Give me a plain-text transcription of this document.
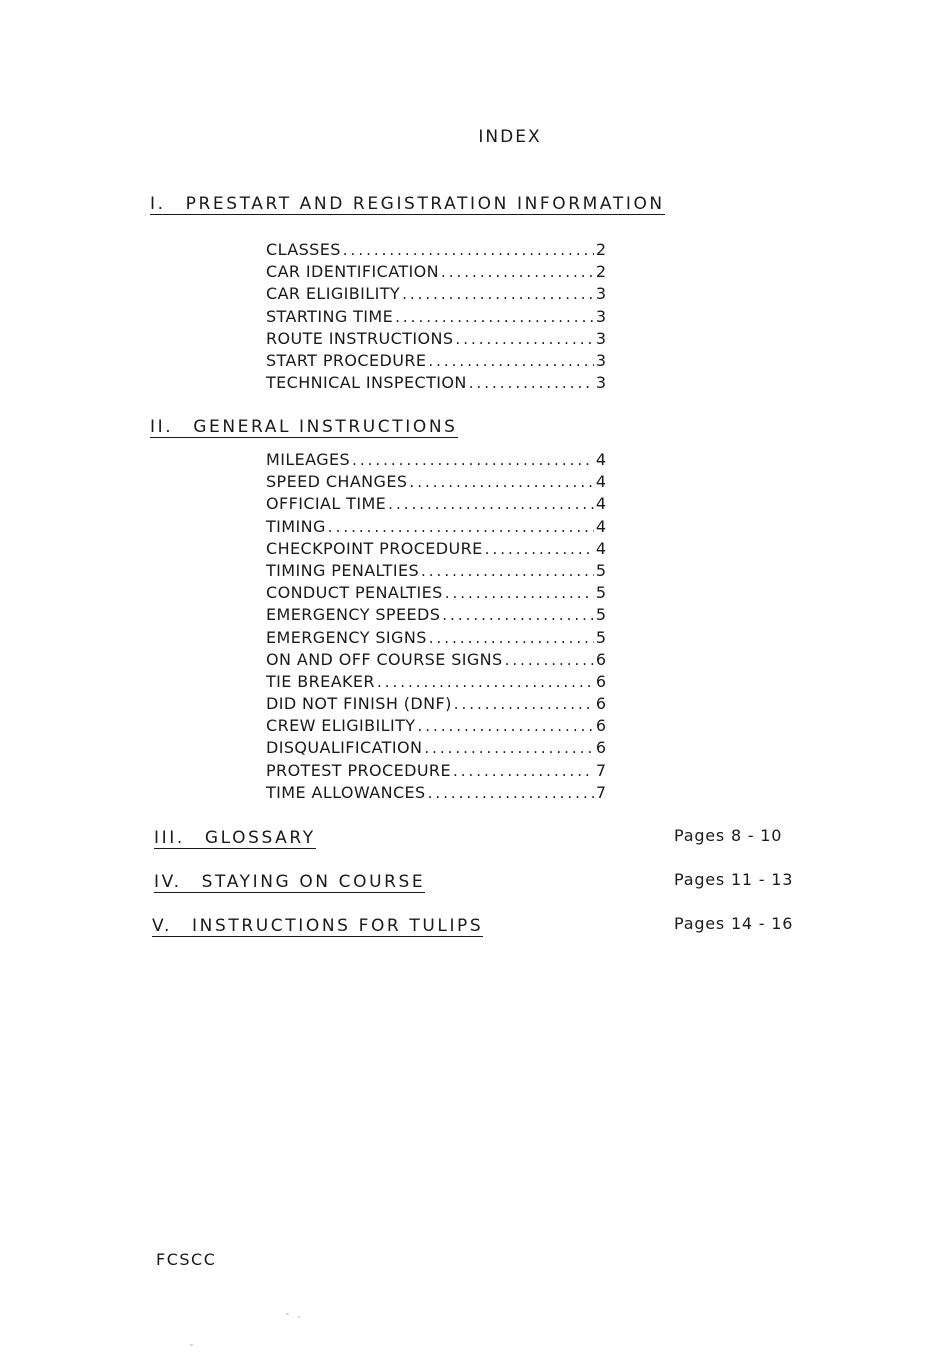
INDEX
I. PRESTART AND REGISTRATION INFORMATION
CLASSES .....	2
CAR IDENTIFICATION .....	2
CAR ELIGIBILITY .....	3
STARTING TIME .....	3
ROUTE INSTRUCTIONS .....	3
START PROCEDURE .....	3
TECHNICAL INSPECTION .....	3
II. GENERAL INSTRUCTIONS
MILEAGES .....	4
SPEED CHANGES .....	4
OFFICIAL TIME .....	4
TIMING .....	4
CHECKPOINT PROCEDURE .....	4
TIMING PENALTIES .....	5
CONDUCT PENALTIES .....	5
EMERGENCY SPEEDS .....	5
EMERGENCY SIGNS .....	5
ON AND OFF COURSE SIGNS .....	6
TIE BREAKER .....	6
DID NOT FINISH (DNF) .....	6
CREW ELIGIBILITY .....	6
DISQUALIFICATION .....	6
PROTEST PROCEDURE .....	7
TIME ALLOWANCES .....	7
III. GLOSSARY	Pages 8 - 10
IV. STAYING ON COURSE	Pages 11 - 13
V. INSTRUCTIONS FOR TULIPS	Pages 14 - 16
FCSCC
